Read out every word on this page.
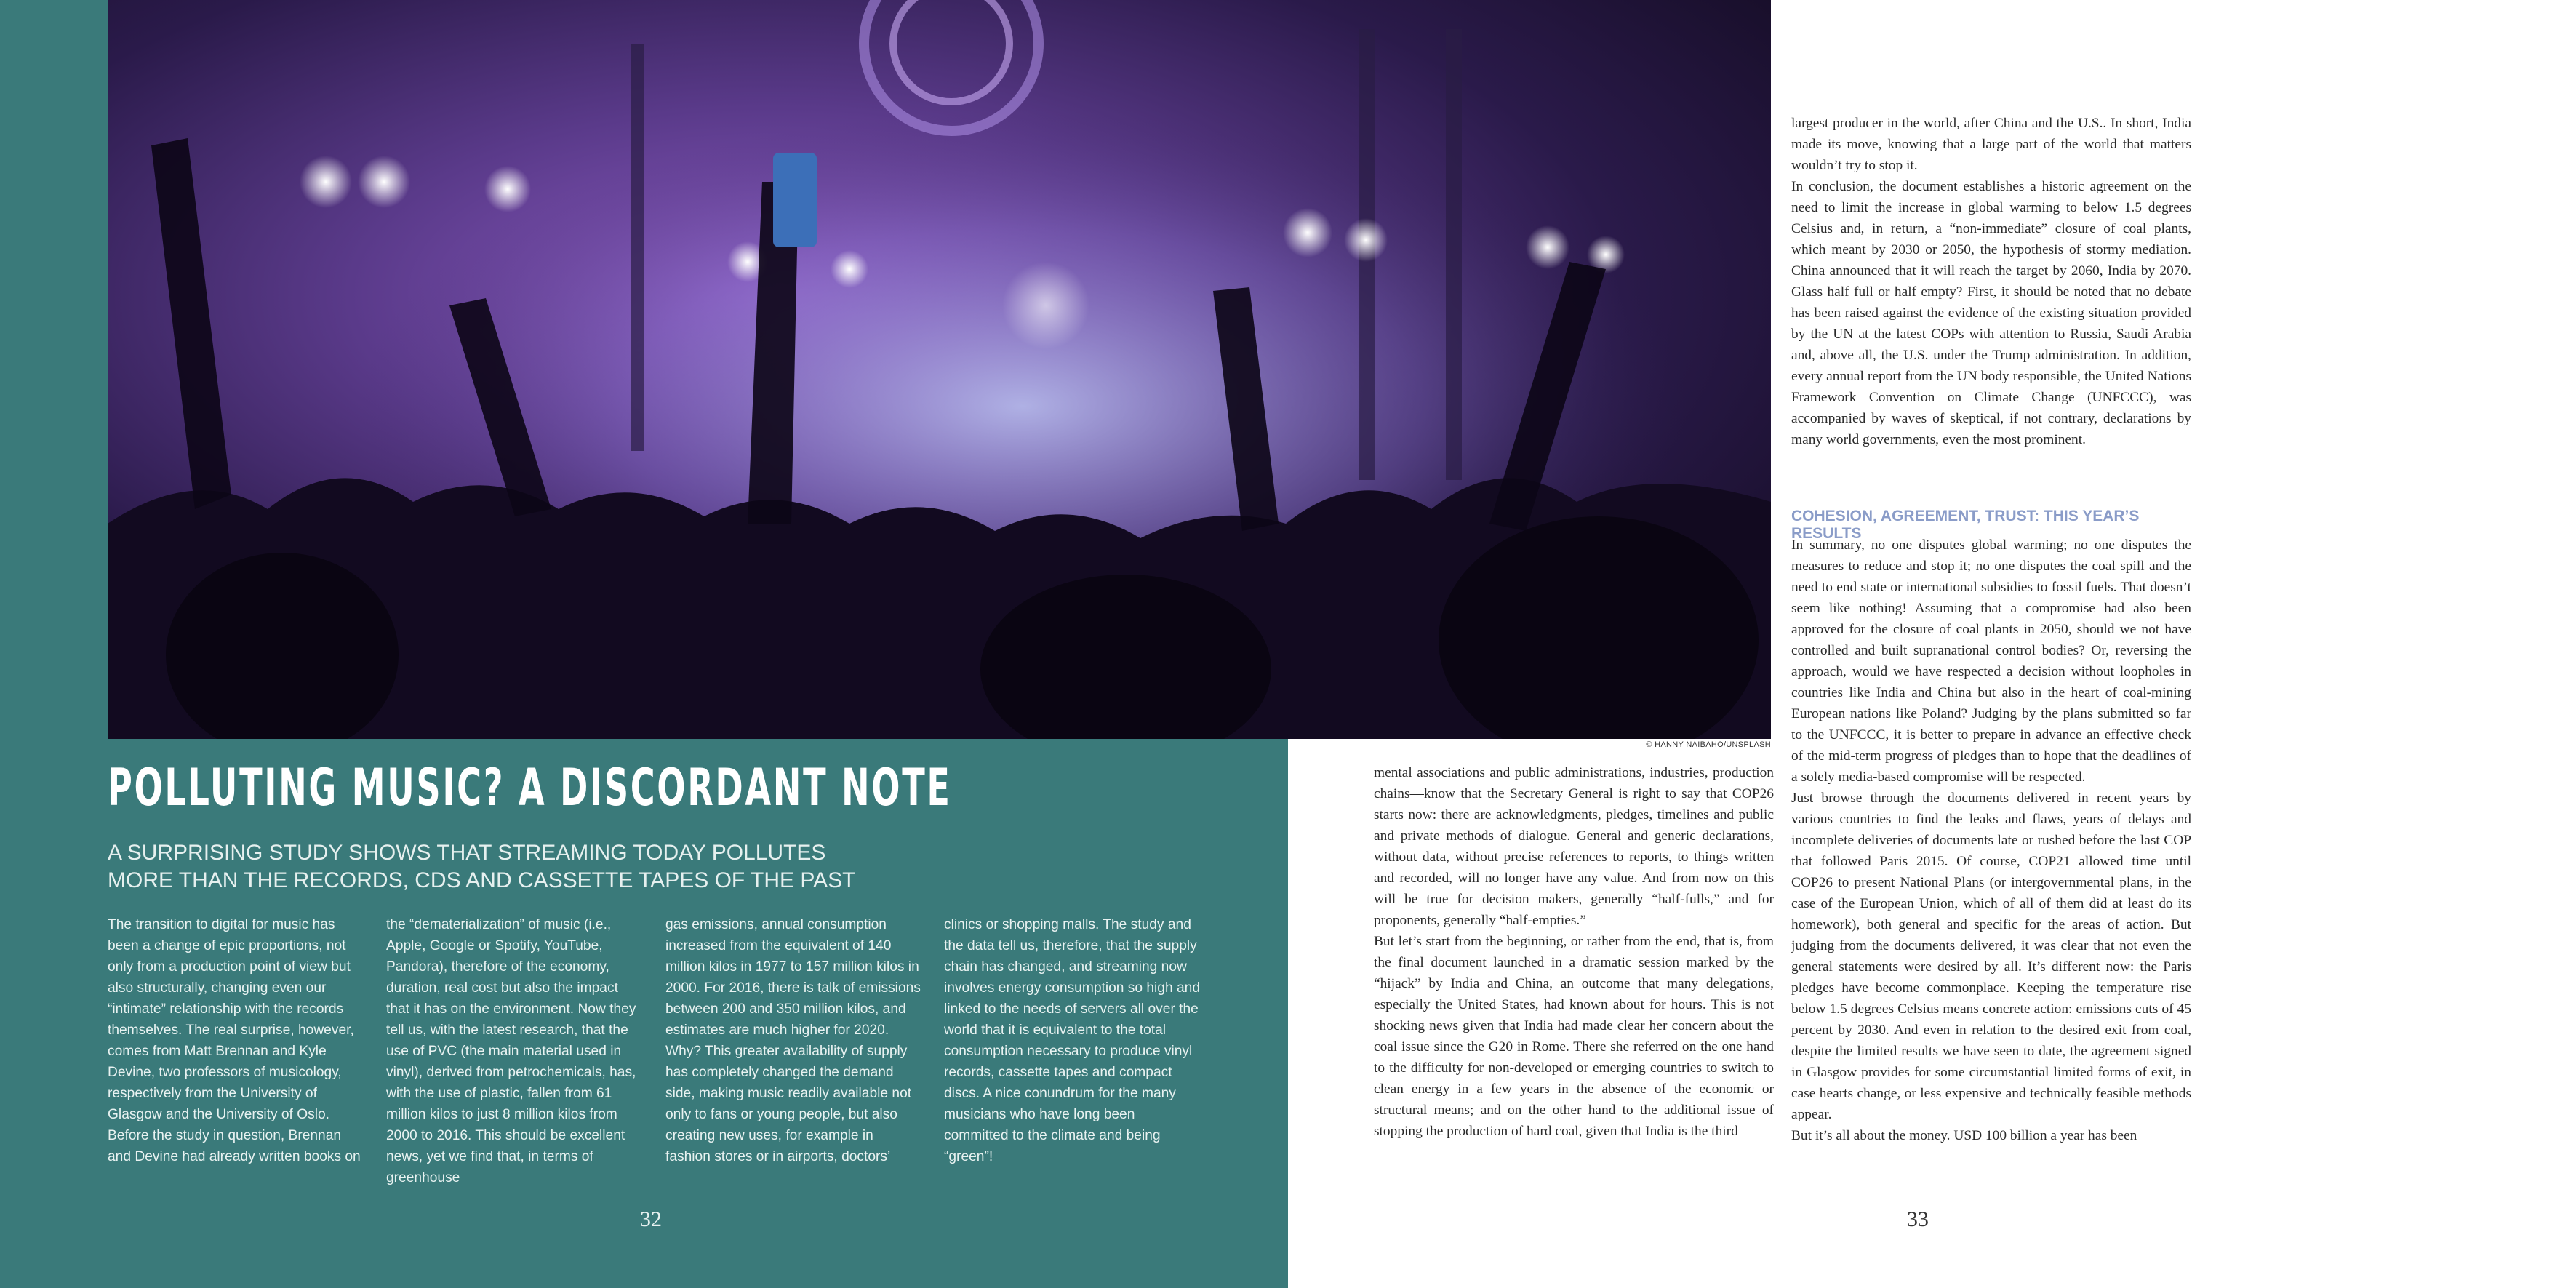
© HANNY NAIBAHO/UNSPLASH
POLLUTING MUSIC? A DISCORDANT NOTE
A SURPRISING STUDY SHOWS THAT STREAMING TODAY POLLUTES
MORE THAN THE RECORDS, CDS AND CASSETTE TAPES OF THE PAST
The transition to digital for music has been a change of epic proportions, not only from a production point of view but also structurally, changing even our “intimate” relationship with the records themselves. The real surprise, however, comes from Matt Brennan and Kyle Devine, two professors of musicology, respectively from the University of Glasgow and the University of Oslo. Before the study in question, Brennan and Devine had already written books on
the “dematerialization” of music (i.e., Apple, Google or Spotify, YouTube, Pandora), therefore of the economy, duration, real cost but also the impact that it has on the environment. Now they tell us, with the latest research, that the use of PVC (the main material used in vinyl), derived from petrochemicals, has, with the use of plastic, fallen from 61 million kilos to just 8 million kilos from 2000 to 2016. This should be excellent news, yet we find that, in terms of greenhouse
gas emissions, annual consumption increased from the equivalent of 140 million kilos in 1977 to 157 million kilos in 2000. For 2016, there is talk of emissions between 200 and 350 million kilos, and estimates are much higher for 2020. Why? This greater availability of supply has completely changed the demand side, making music readily available not only to fans or young people, but also creating new uses, for example in fashion stores or in airports, doctors’
clinics or shopping malls. The study and the data tell us, therefore, that the supply chain has changed, and streaming now involves energy consumption so high and linked to the needs of servers all over the world that it is equivalent to the total consumption necessary to produce vinyl records, cassette tapes and compact discs. A nice conundrum for the many musicians who have long been committed to the climate and being “green”!
32

largest producer in the world, after China and the U.S.. In short, India made its move, knowing that a large part of the world that matters wouldn’t try to stop it.

In conclusion, the document establishes a historic agreement on the need to limit the increase in global warming to below 1.5 degrees Celsius and, in return, a “non-immediate” closure of coal plants, which meant by 2030 or 2050, the hypothesis of stormy mediation. China announced that it will reach the target by 2060, India by 2070. Glass half full or half empty? First, it should be noted that no debate has been raised against the evidence of the existing situation provided by the UN at the latest COPs with attention to Russia, Saudi Arabia and, above all, the U.S. under the Trump administration. In addition, every annual report from the UN body responsible, the United Nations Framework Convention on Climate Change (UNFCCC), was accompanied by waves of skeptical, if not contrary, declarations by many world governments, even the most prominent.

COHESION, AGREEMENT, TRUST: THIS YEAR’S RESULTS

In summary, no one disputes global warming; no one disputes the measures to reduce and stop it; no one disputes the coal spill and the need to end state or international subsidies to fossil fuels. That doesn’t seem like nothing! Assuming that a compromise had also been approved for the closure of coal plants in 2050, should we not have controlled and built supranational control bodies? Or, reversing the approach, would we have respected a decision without loopholes in countries like India and China but also in the heart of coal-mining European nations like Poland? Judging by the plans submitted so far to the UNFCCC, it is better to prepare in advance an effective check of the mid-term progress of pledges than to hope that the deadlines of a solely media-based compromise will be respected.

Just browse through the documents delivered in recent years by various countries to find the leaks and flaws, years of delays and incomplete deliveries of documents late or rushed before the last COP that followed Paris 2015. Of course, COP21 allowed time until COP26 to present National Plans (or intergovernmental plans, in the case of the European Union, which of all of them did at least do its homework), both general and specific for the areas of action. But judging from the documents delivered, it was clear that not even the general statements were desired by all. It’s different now: the Paris pledges have become commonplace. Keeping the temperature rise below 1.5 degrees Celsius means concrete action: emissions cuts of 45 percent by 2030. And even in relation to the desired exit from coal, despite the limited results we have seen to date, the agreement signed in Glasgow provides for some circumstantial limited forms of exit, in case hearts change, or less expensive and technically feasible methods appear.

But it’s all about the money. USD 100 billion a year has been

mental associations and public administrations, industries, production chains—know that the Secretary General is right to say that COP26 starts now: there are acknowledgments, pledges, timelines and public and private methods of dialogue. General and generic declarations, without data, without precise references to reports, to things written and recorded, will no longer have any value. And from now on this will be true for decision makers, generally “half-fulls,” and for proponents, generally “half-empties.”

But let’s start from the beginning, or rather from the end, that is, from the final document launched in a dramatic session marked by the “hijack” by India and China, an outcome that many delegations, especially the United States, had known about for hours. This is not shocking news given that India had made clear her concern about the coal issue since the G20 in Rome. There she referred on the one hand to the difficulty for non-developed or emerging countries to switch to clean energy in a few years in the absence of the economic or structural means; and on the other hand to the additional issue of stopping the production of hard coal, given that India is the third

33
